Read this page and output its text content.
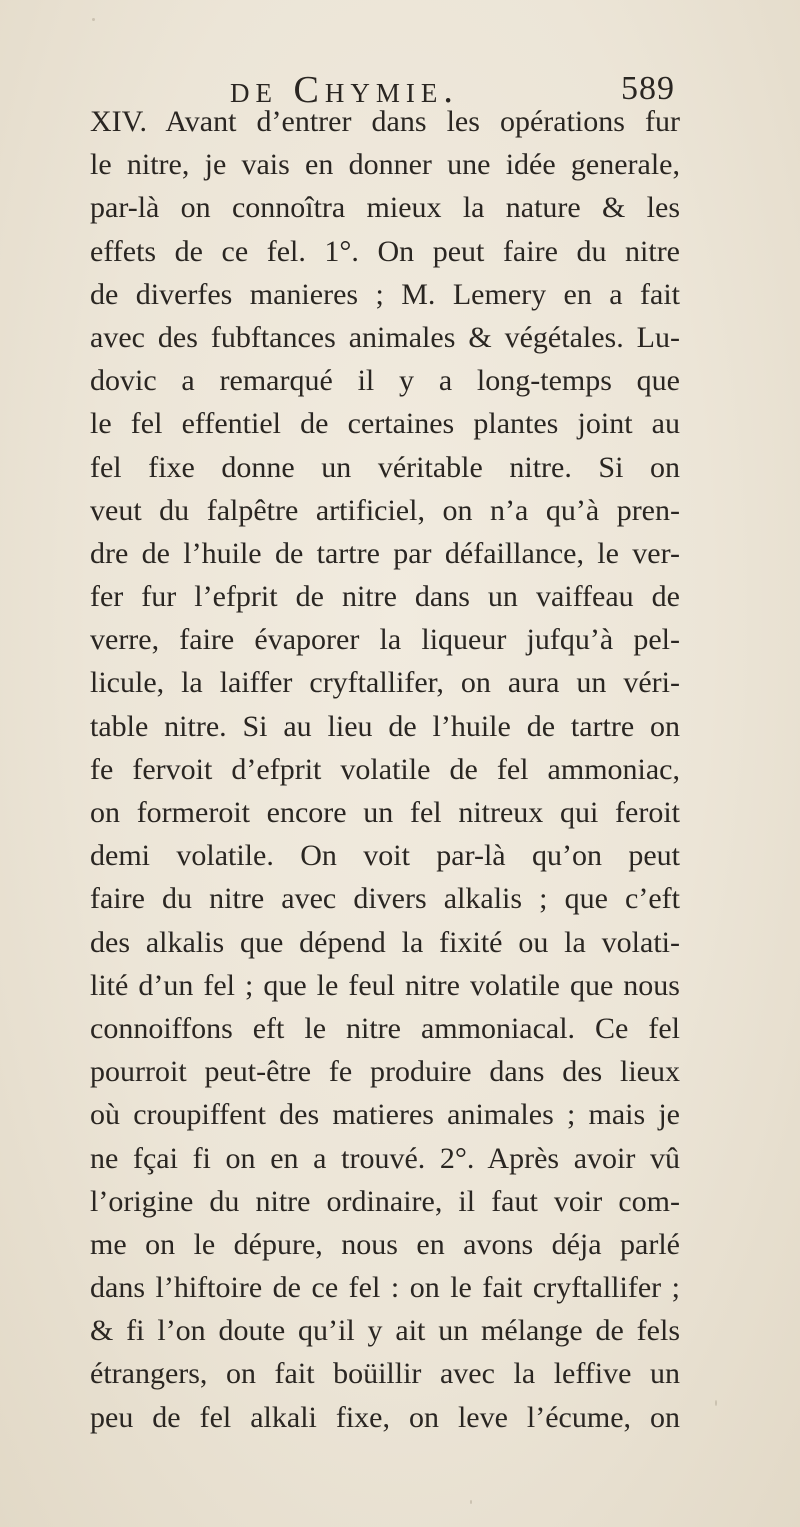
de Chymie.	589
XIV. Avant d’entrer dans les opérations fur
le nitre, je vais en donner une idée generale,
par-là on connoîtra mieux la nature & les
effets de ce fel. 1°. On peut faire du nitre
de diverfes manieres ; M. Lemery en a fait
avec des fubftances animales & végétales. Lu-
dovic a remarqué il y a long-temps que
le fel effentiel de certaines plantes joint au
fel fixe donne un véritable nitre. Si on
veut du falpêtre artificiel, on n’a qu’à pren-
dre de l’huile de tartre par défaillance, le ver-
fer fur l’efprit de nitre dans un vaiffeau de
verre, faire évaporer la liqueur jufqu’à pel-
licule, la laiffer cryftallifer, on aura un véri-
table nitre. Si au lieu de l’huile de tartre on
fe fervoit d’efprit volatile de fel ammoniac,
on formeroit encore un fel nitreux qui feroit
demi volatile. On voit par-là qu’on peut
faire du nitre avec divers alkalis ; que c’eft
des alkalis que dépend la fixité ou la volati-
lité d’un fel ; que le feul nitre volatile que nous
connoiffons eft le nitre ammoniacal. Ce fel
pourroit peut-être fe produire dans des lieux
où croupiffent des matieres animales ; mais je
ne fçai fi on en a trouvé. 2°. Après avoir vû
l’origine du nitre ordinaire, il faut voir com-
me on le dépure, nous en avons déja parlé
dans l’hiftoire de ce fel : on le fait cryftallifer ;
& fi l’on doute qu’il y ait un mélange de fels
étrangers, on fait boüillir avec la leffive un
peu de fel alkali fixe, on leve l’écume, on
